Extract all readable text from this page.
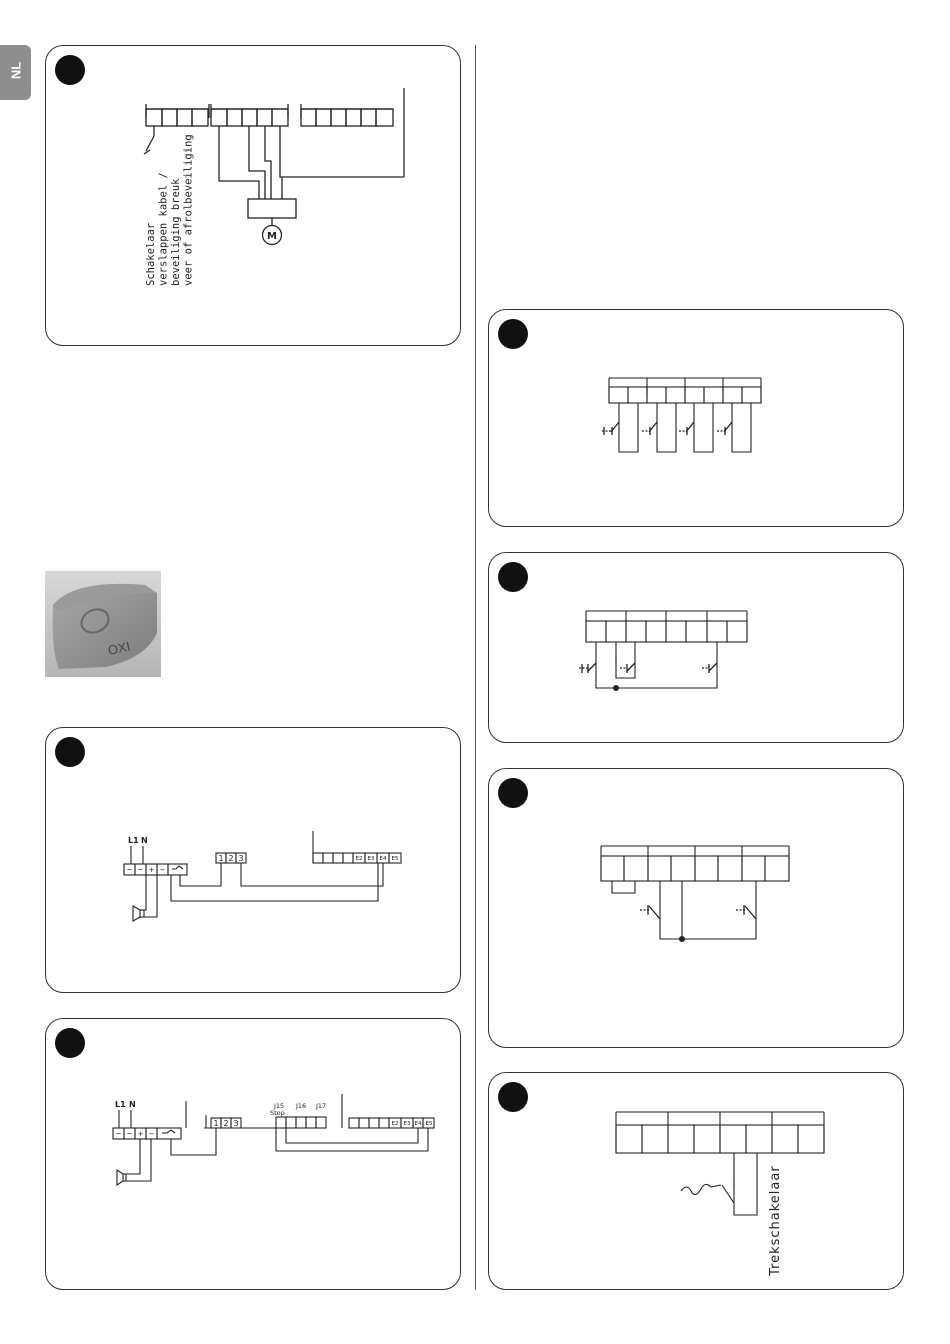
NL
M
Schakelaar verslappen kabel / beveiliging breuk veer of afrolbeveiliging
OXI
L1 N
~ ~ + −
1 2 3	E2 E3 E4 E5
L1 N
~ ~ + −
1 2 3
J15 J16 J17
Stop
E2 E3 E4 E5
Trekschakelaar
